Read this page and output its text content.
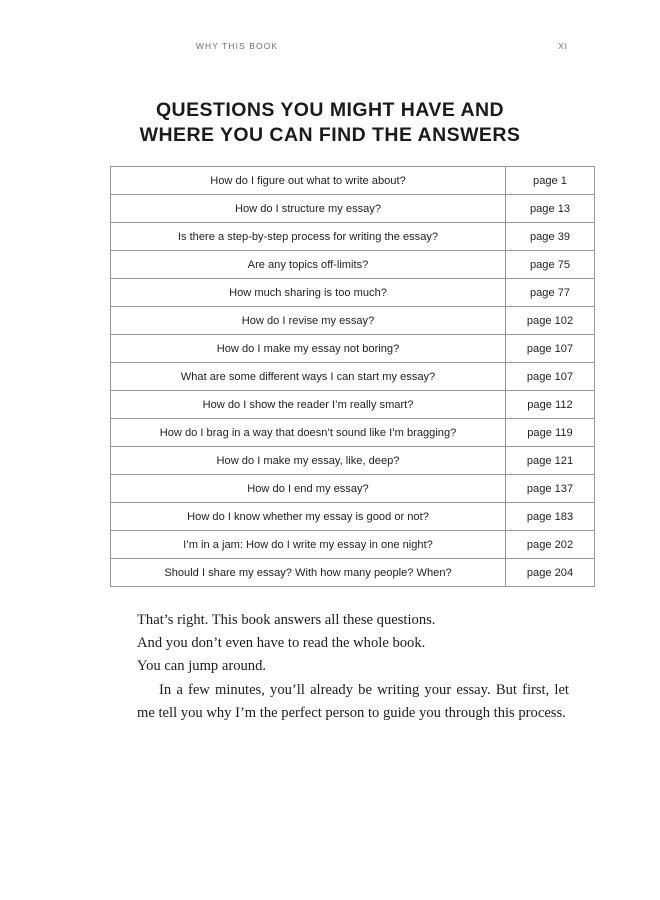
WHY THIS BOOK	XI
QUESTIONS YOU MIGHT HAVE AND
WHERE YOU CAN FIND THE ANSWERS
How do I figure out what to write about?	page 1
How do I structure my essay?	page 13
Is there a step-by-step process for writing the essay?	page 39
Are any topics off-limits?	page 75
How much sharing is too much?	page 77
How do I revise my essay?	page 102
How do I make my essay not boring?	page 107
What are some different ways I can start my essay?	page 107
How do I show the reader I’m really smart?	page 112
How do I brag in a way that doesn’t sound like I’m bragging?	page 119
How do I make my essay, like, deep?	page 121
How do I end my essay?	page 137
How do I know whether my essay is good or not?	page 183
I’m in a jam: How do I write my essay in one night?	page 202
Should I share my essay? With how many people? When?	page 204
That’s right. This book answers all these questions.
And you don’t even have to read the whole book.
You can jump around.

In a few minutes, you’ll already be writing your essay. But first, let me tell you why I’m the perfect person to guide you through this process.
